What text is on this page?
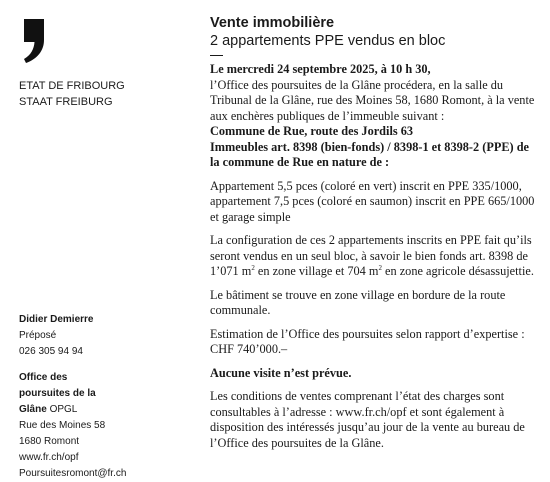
ETAT DE FRIBOURG
STAAT FREIBURG
Didier Demierre
Préposé
026 305 94 94
Office des poursuites de la Glâne OPGL
Rue des Moines 58
1680 Romont
www.fr.ch/opf
Poursuitesromont@fr.ch
Vente immobilière
2 appartements PPE vendus en bloc
Le mercredi 24 septembre 2025, à 10 h 30,
l’Office des poursuites de la Glâne procédera, en la salle du Tribunal de la Glâne, rue des Moines 58, 1680 Romont, à la vente aux enchères publiques de l’immeuble suivant :
Commune de Rue, route des Jordils 63
Immeubles art. 8398 (bien-fonds) / 8398-1 et 8398-2 (PPE) de la commune de Rue en nature de :
Appartement 5,5 pces (coloré en vert) inscrit en PPE 335/1000, appartement 7,5 pces (coloré en saumon) inscrit en PPE 665/1000 et garage simple
La configuration de ces 2 appartements inscrits en PPE fait qu’ils seront vendus en un seul bloc, à savoir le bien fonds art. 8398 de 1’071 $m^2$ en zone village et 704 $m^2$ en zone agricole désassujettie.
Le bâtiment se trouve en zone village en bordure de la route communale.
Estimation de l’Office des poursuites selon rapport d’expertise : CHF 740’000.–
Aucune visite n’est prévue.
Les conditions de ventes comprenant l’état des charges sont consultables à l’adresse : www.fr.ch/opf et sont également à disposition des intéressés jusqu’au jour de la vente au bureau de l’Office des poursuites de la Glâne.
